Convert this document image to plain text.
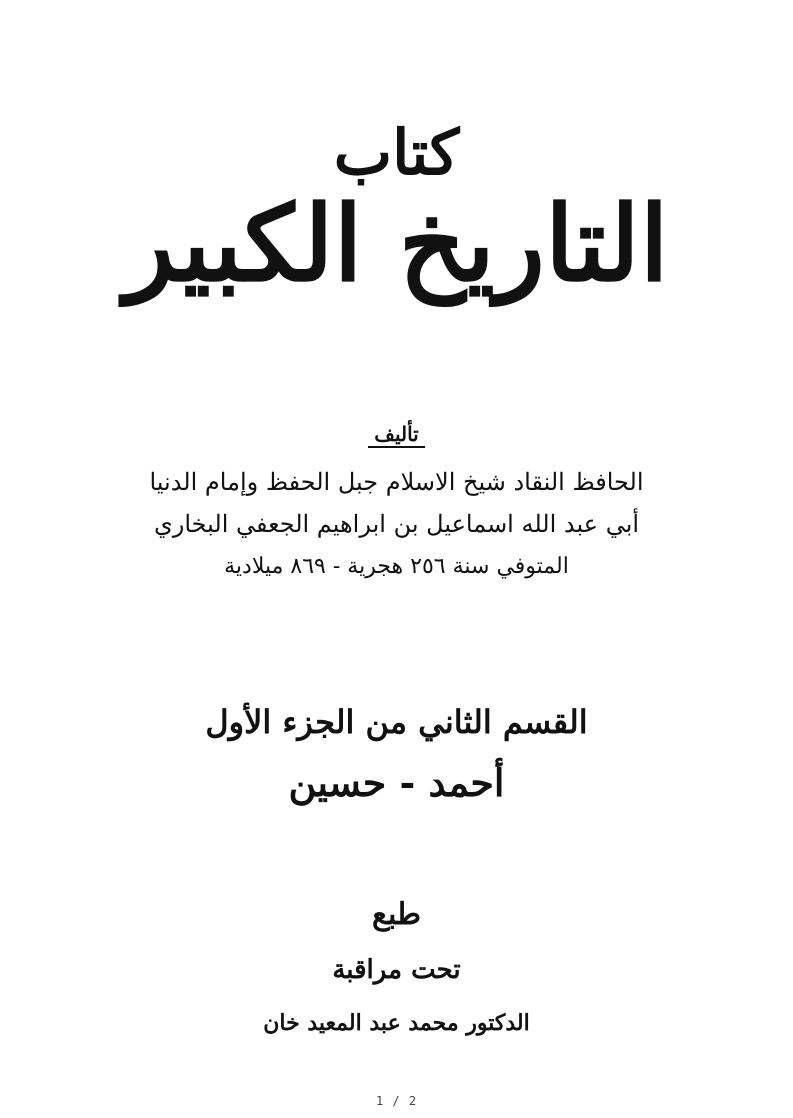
كتاب
التاريخ الكبير
تأليف
الحافظ النقاد شيخ الاسلام جبل الحفظ وإمام الدنيا
أبي عبد الله اسماعيل بن ابراهيم الجعفي البخاري
المتوفي سنة ٢٥٦ هجرية - ٨٦٩ ميلادية
القسم الثاني من الجزء الأول
أحمد - حسين
طبع
تحت مراقبة
الدكتور محمد عبد المعيد خان
1 / 2
